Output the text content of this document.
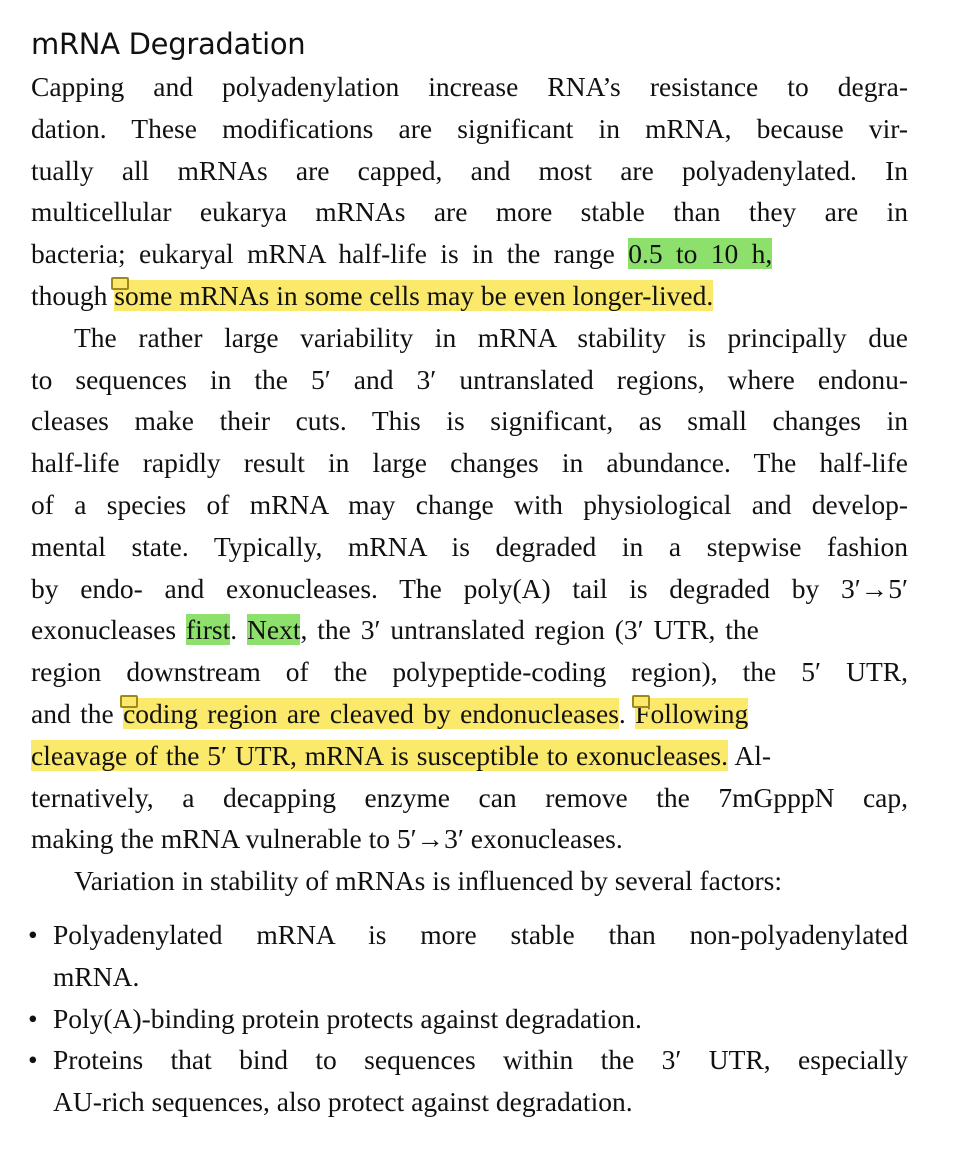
mRNA Degradation
Capping and polyadenylation increase RNA’s resistance to degra-
dation. These modifications are significant in mRNA, because vir-
tually all mRNAs are capped, and most are polyadenylated. In
multicellular eukarya mRNAs are more stable than they are in
bacteria; eukaryal mRNA half-life is in the range 0.5 to 10 h,
though some mRNAs in some cells may be even longer-lived.
The rather large variability in mRNA stability is principally due
to sequences in the 5′ and 3′ untranslated regions, where endonu-
cleases make their cuts. This is significant, as small changes in
half-life rapidly result in large changes in abundance. The half-life
of a species of mRNA may change with physiological and develop-
mental state. Typically, mRNA is degraded in a stepwise fashion
by endo- and exonucleases. The poly(A) tail is degraded by 3′→5′
exonucleases first. Next, the 3′ untranslated region (3′ UTR, the
region downstream of the polypeptide-coding region), the 5′ UTR,
and the coding region are cleaved by endonucleases. Following
cleavage of the 5′ UTR, mRNA is susceptible to exonucleases. Al-
ternatively, a decapping enzyme can remove the 7mGpppN cap,
making the mRNA vulnerable to 5′→3′ exonucleases.
Variation in stability of mRNAs is influenced by several factors:
• Polyadenylated mRNA is more stable than non-polyadenylated
mRNA.
• Poly(A)-binding protein protects against degradation.
• Proteins that bind to sequences within the 3′ UTR, especially
AU-rich sequences, also protect against degradation.
